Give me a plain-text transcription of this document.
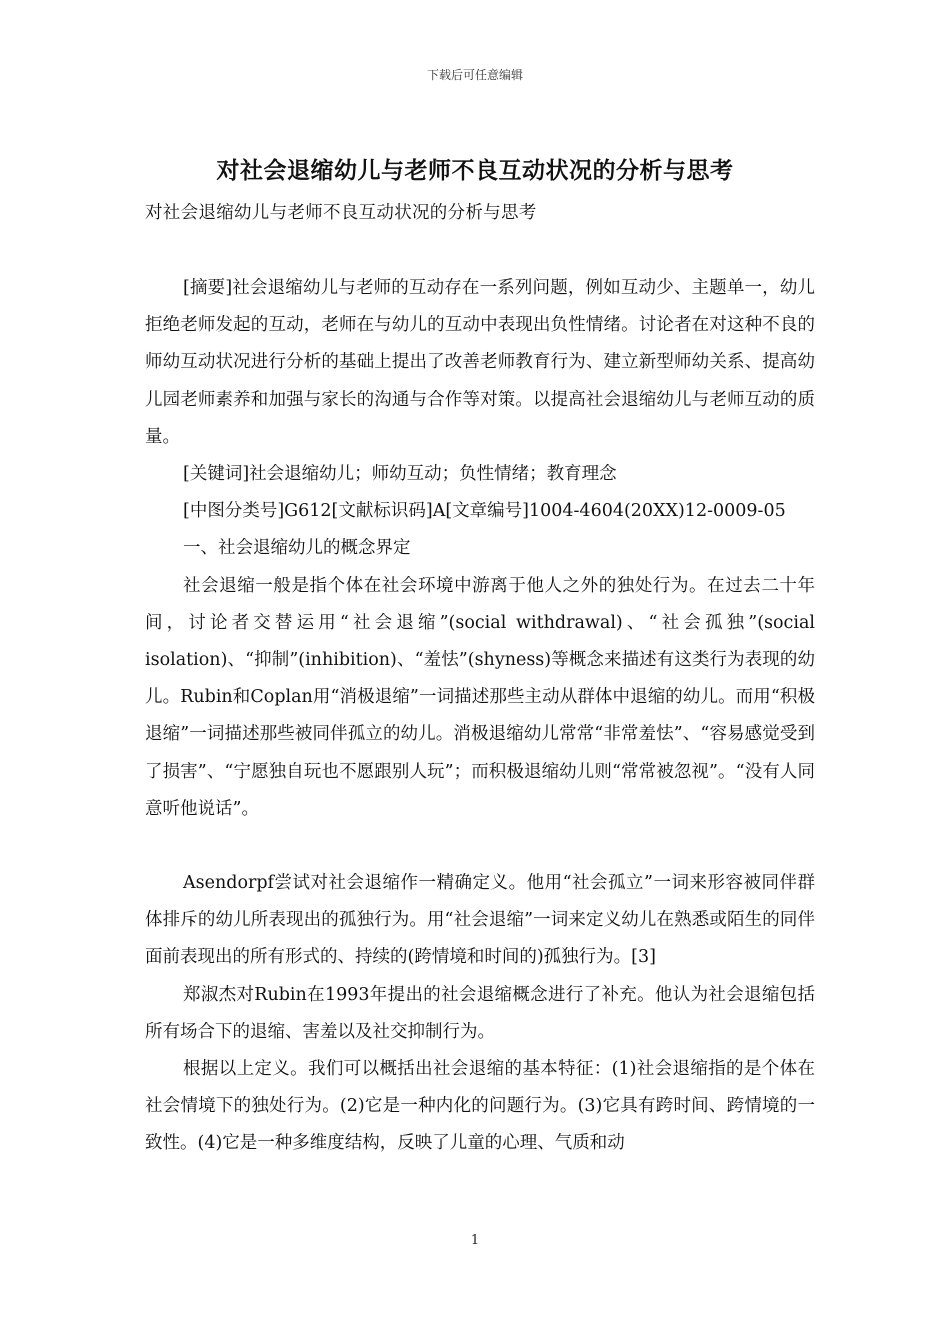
下载后可任意编辑
对社会退缩幼儿与老师不良互动状况的分析与思考
对社会退缩幼儿与老师不良互动状况的分析与思考

[摘要]社会退缩幼儿与老师的互动存在一系列问题，例如互动少、主题单一，幼儿拒绝老师发起的互动，老师在与幼儿的互动中表现出负性情绪。讨论者在对这种不良的师幼互动状况进行分析的基础上提出了改善老师教育行为、建立新型师幼关系、提高幼儿园老师素养和加强与家长的沟通与合作等对策。以提高社会退缩幼儿与老师互动的质量。

[关键词]社会退缩幼儿；师幼互动；负性情绪；教育理念

[中图分类号]G612[文献标识码]A[文章编号]1004-4604(20XX)12-0009-05

一、社会退缩幼儿的概念界定

社会退缩一般是指个体在社会环境中游离于他人之外的独处行为。在过去二十年间，讨论者交替运用“社会退缩”(social withdrawal)、“社会孤独”(social isolation)、“抑制”(inhibition)、“羞怯”(shyness)等概念来描述有这类行为表现的幼儿。Rubin和Coplan用“消极退缩”一词描述那些主动从群体中退缩的幼儿。而用“积极退缩”一词描述那些被同伴孤立的幼儿。消极退缩幼儿常常“非常羞怯”、“容易感觉受到了损害”、“宁愿独自玩也不愿跟别人玩”；而积极退缩幼儿则“常常被忽视”。“没有人同意听他说话”。

Asendorpf尝试对社会退缩作一精确定义。他用“社会孤立”一词来形容被同伴群体排斥的幼儿所表现出的孤独行为。用“社会退缩”一词来定义幼儿在熟悉或陌生的同伴面前表现出的所有形式的、持续的(跨情境和时间的)孤独行为。[3]

郑淑杰对Rubin在1993年提出的社会退缩概念进行了补充。他认为社会退缩包括所有场合下的退缩、害羞以及社交抑制行为。

根据以上定义。我们可以概括出社会退缩的基本特征：(1)社会退缩指的是个体在社会情境下的独处行为。(2)它是一种内化的问题行为。(3)它具有跨时间、跨情境的一致性。(4)它是一种多维度结构，反映了儿童的心理、气质和动

1
